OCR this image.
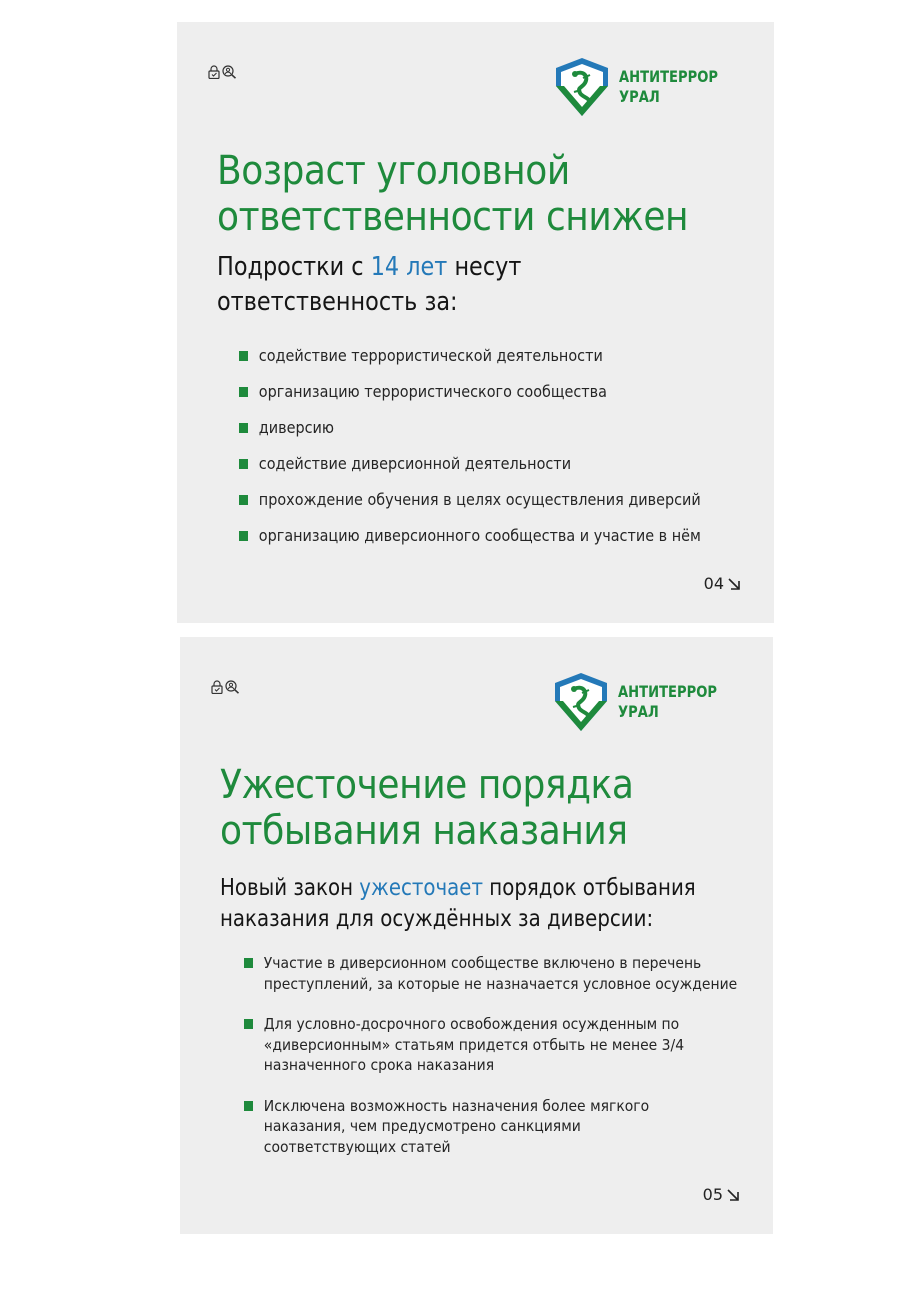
АНТИТЕРРОР
УРАЛ
Возраст уголовной
ответственности снижен
Подростки с 14 лет несут
ответственность за:
содействие террористической деятельности
организацию террористического сообщества
диверсию
содействие диверсионной деятельности
прохождение обучения в целях осуществления диверсий
организацию диверсионного сообщества и участие в нём
04
АНТИТЕРРОР
УРАЛ
Ужесточение порядка
отбывания наказания
Новый закон ужесточает порядок отбывания
наказания для осуждённых за диверсии:
Участие в диверсионном сообществе включено в перечень
преступлений, за которые не назначается условное осуждение
Для условно-досрочного освобождения осужденным по
«диверсионным» статьям придется отбыть не менее 3/4
назначенного срока наказания
Исключена возможность назначения более мягкого
наказания, чем предусмотрено санкциями
соответствующих статей
05
